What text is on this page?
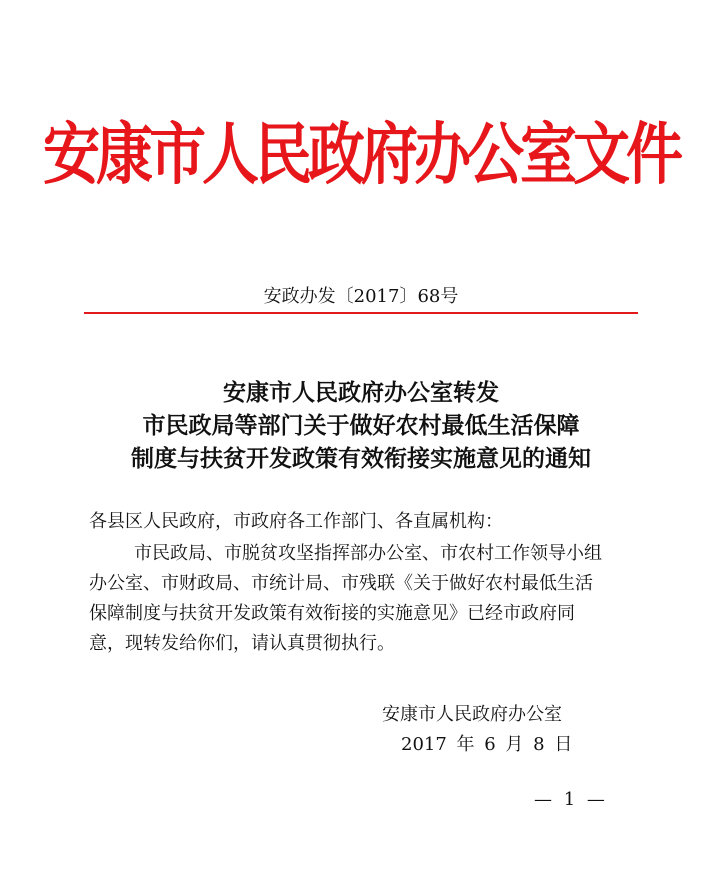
安康市人民政府办公室文件
安政办发〔2017〕68号
安康市人民政府办公室转发
市民政局等部门关于做好农村最低生活保障
制度与扶贫开发政策有效衔接实施意见的通知
各县区人民政府，市政府各工作部门、各直属机构：
市民政局、市脱贫攻坚指挥部办公室、市农村工作领导小组
办公室、市财政局、市统计局、市残联《关于做好农村最低生活
保障制度与扶贫开发政策有效衔接的实施意见》已经市政府同
意，现转发给你们，请认真贯彻执行。
安康市人民政府办公室
2017 年 6 月 8 日
— 1 —
